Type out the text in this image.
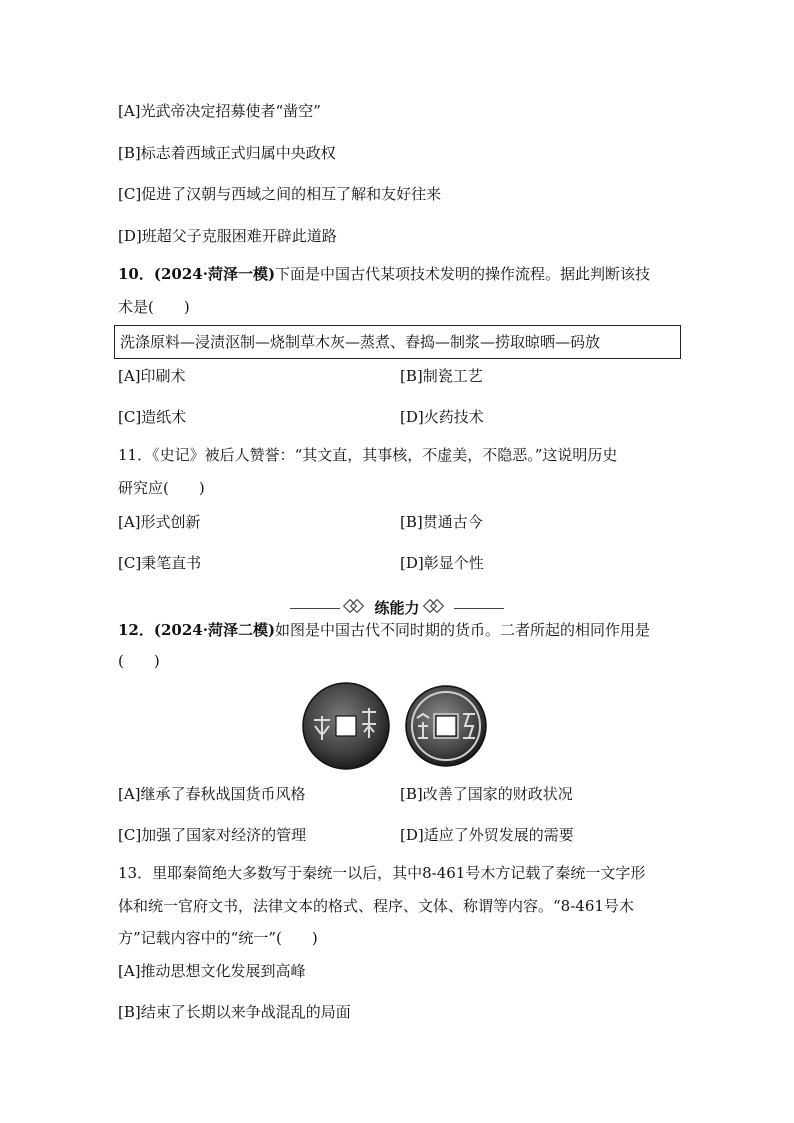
[A]光武帝决定招募使者“凿空”
[B]标志着西域正式归属中央政权
[C]促进了汉朝与西域之间的相互了解和友好往来
[D]班超父子克服困难开辟此道路
10．(2024·菏泽一模)下面是中国古代某项技术发明的操作流程。据此判断该技
术是(　　)
洗涤原料—浸渍沤制—烧制草木灰—蒸煮、舂捣—制浆—捞取晾晒—码放
[A]印刷术	[B]制瓷工艺
[C]造纸术	[D]火药技术
11．《史记》被后人赞誉：“其文直，其事核，不虚美，不隐恶。”这说明历史
研究应(　　)
[A]形式创新	[B]贯通古今
[C]秉笔直书	[D]彰显个性
练能力
12．(2024·菏泽二模)如图是中国古代不同时期的货币。二者所起的相同作用是
(　　)
[A]继承了春秋战国货币风格	[B]改善了国家的财政状况
[C]加强了国家对经济的管理	[D]适应了外贸发展的需要
13．里耶秦简绝大多数写于秦统一以后，其中8-461号木方记载了秦统一文字形
体和统一官府文书，法律文本的格式、程序、文体、称谓等内容。“8-461号木
方”记载内容中的“统一”(　　)
[A]推动思想文化发展到高峰
[B]结束了长期以来争战混乱的局面
